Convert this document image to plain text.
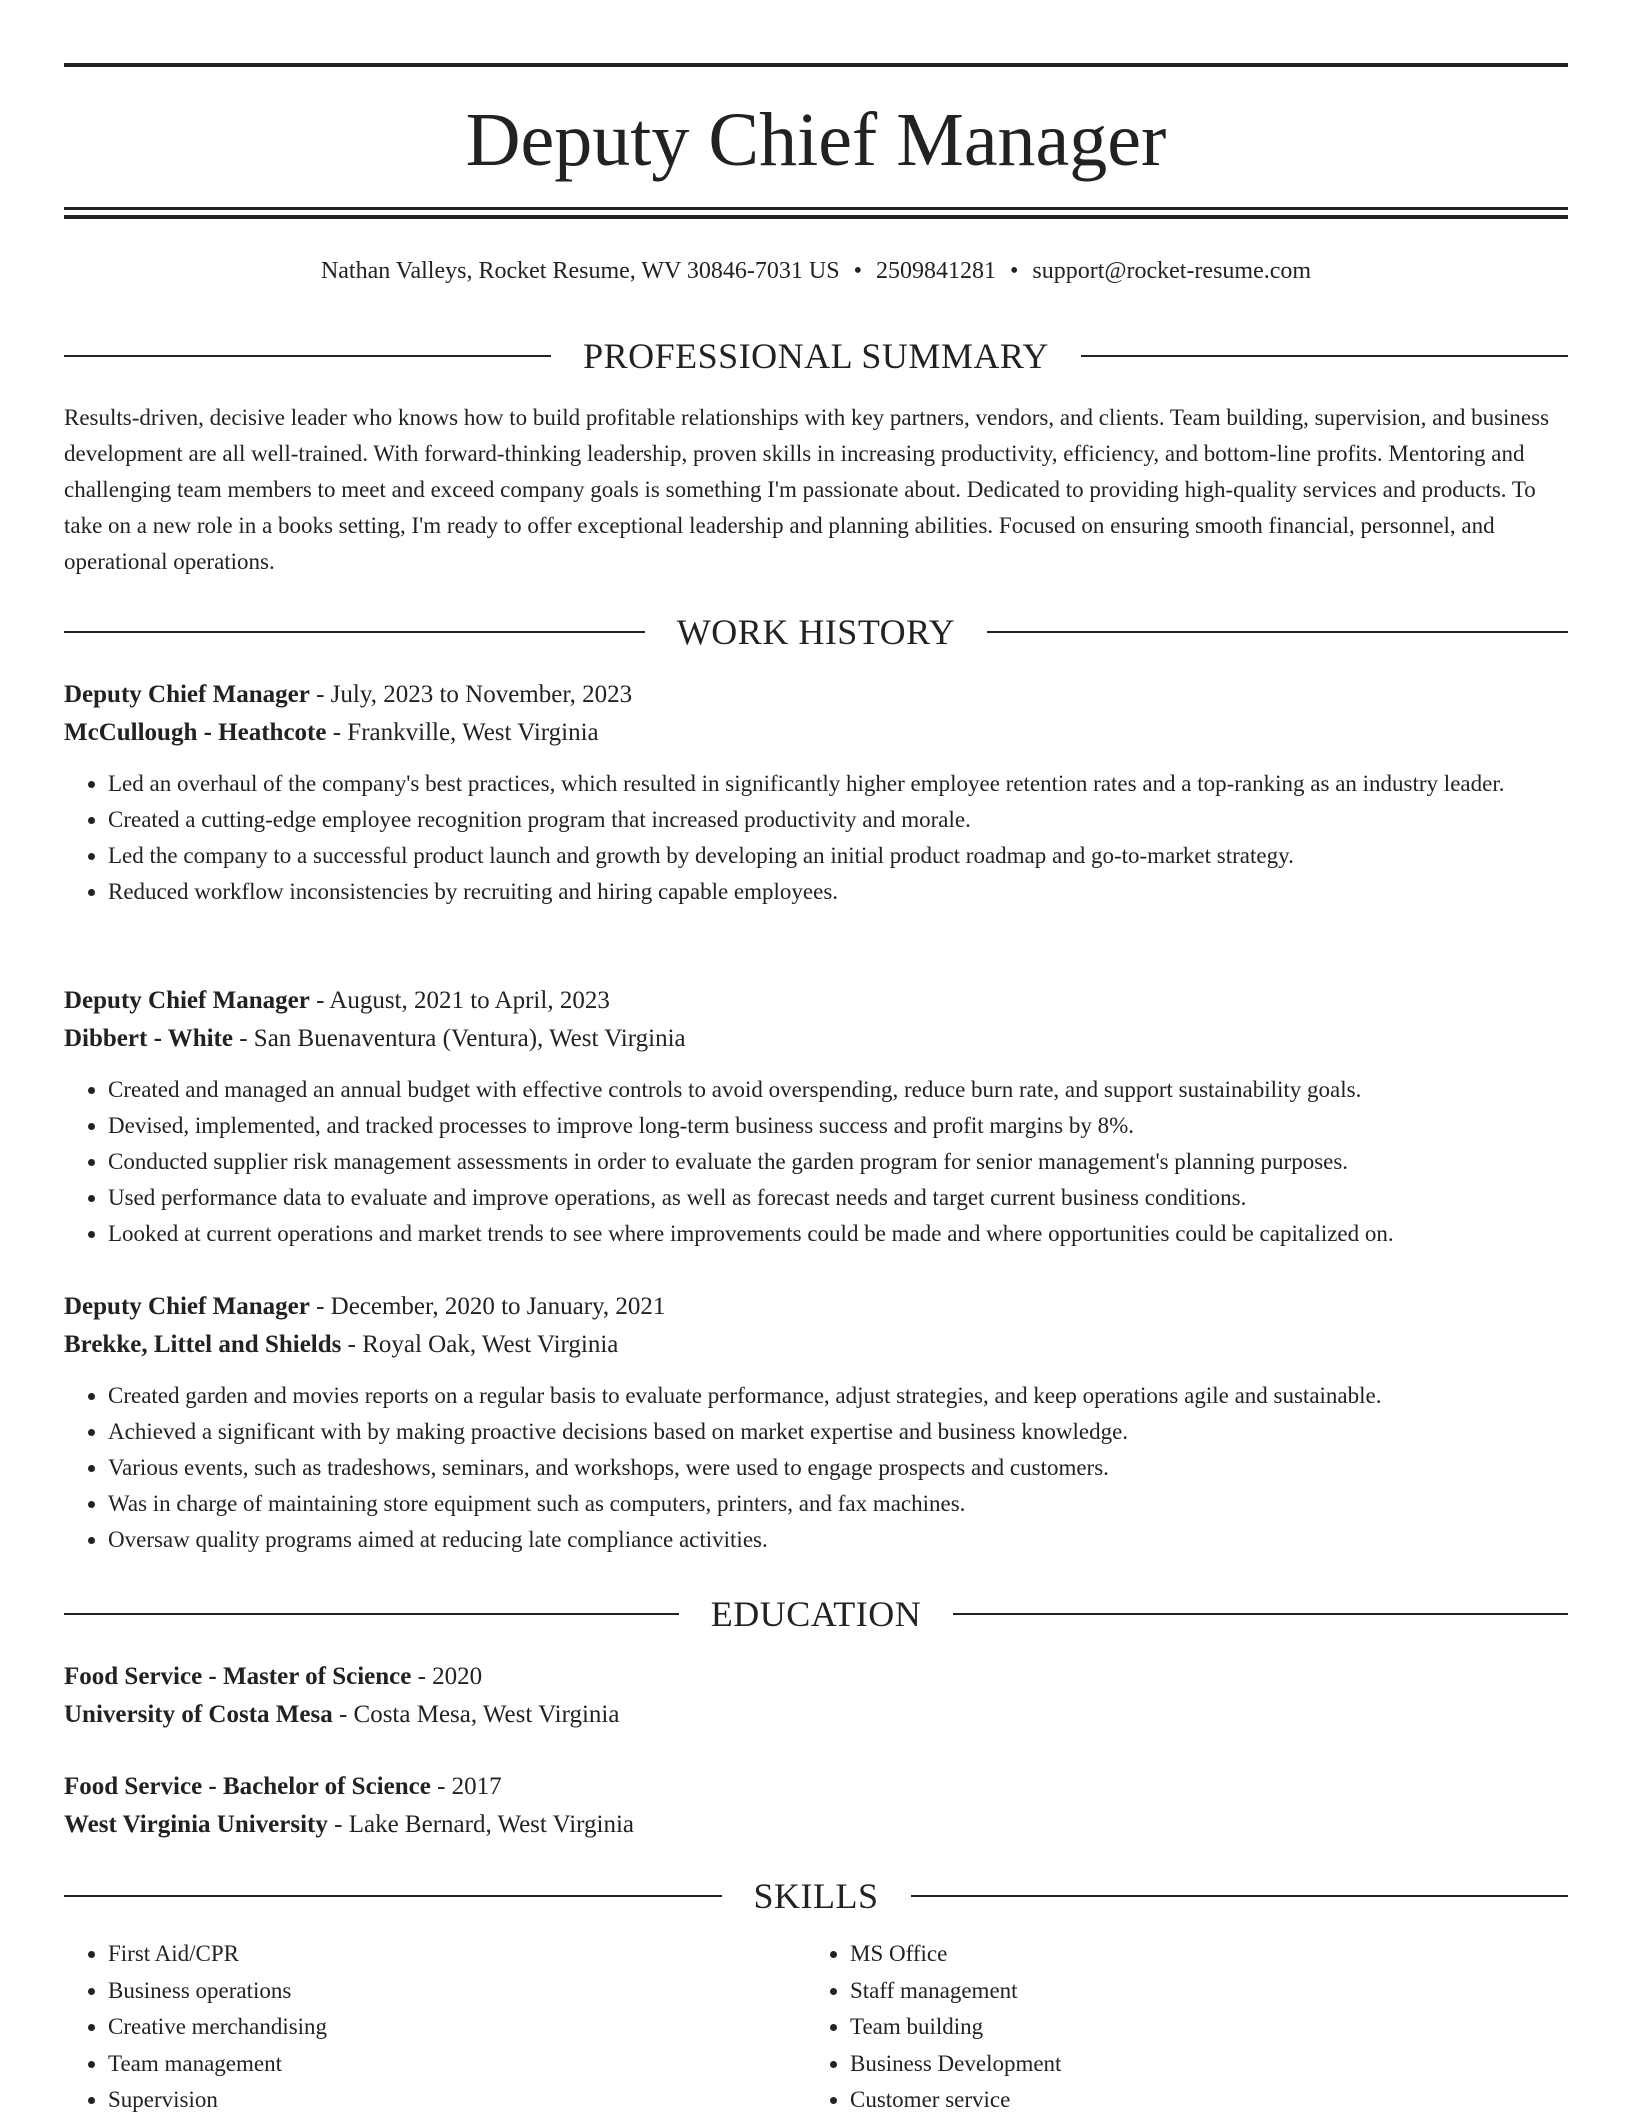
Deputy Chief Manager
Nathan Valleys, Rocket Resume, WV 30846-7031 US • 2509841281 • support@rocket-resume.com
PROFESSIONAL SUMMARY

Results-driven, decisive leader who knows how to build profitable relationships with key partners, vendors, and clients. Team building, supervision, and business development are all well-trained. With forward-thinking leadership, proven skills in increasing productivity, efficiency, and bottom-line profits. Mentoring and challenging team members to meet and exceed company goals is something I'm passionate about. Dedicated to providing high-quality services and products. To take on a new role in a books setting, I'm ready to offer exceptional leadership and planning abilities. Focused on ensuring smooth financial, personnel, and operational operations.

WORK HISTORY
Deputy Chief Manager - July, 2023 to November, 2023
McCullough - Heathcote - Frankville, West Virginia
• Led an overhaul of the company's best practices, which resulted in significantly higher employee retention rates and a top-ranking as an industry leader.
• Created a cutting-edge employee recognition program that increased productivity and morale.
• Led the company to a successful product launch and growth by developing an initial product roadmap and go-to-market strategy.
• Reduced workflow inconsistencies by recruiting and hiring capable employees.
Deputy Chief Manager - August, 2021 to April, 2023
Dibbert - White - San Buenaventura (Ventura), West Virginia
• Created and managed an annual budget with effective controls to avoid overspending, reduce burn rate, and support sustainability goals.
• Devised, implemented, and tracked processes to improve long-term business success and profit margins by 8%.
• Conducted supplier risk management assessments in order to evaluate the garden program for senior management's planning purposes.
• Used performance data to evaluate and improve operations, as well as forecast needs and target current business conditions.
• Looked at current operations and market trends to see where improvements could be made and where opportunities could be capitalized on.
Deputy Chief Manager - December, 2020 to January, 2021
Brekke, Littel and Shields - Royal Oak, West Virginia
• Created garden and movies reports on a regular basis to evaluate performance, adjust strategies, and keep operations agile and sustainable.
• Achieved a significant with by making proactive decisions based on market expertise and business knowledge.
• Various events, such as tradeshows, seminars, and workshops, were used to engage prospects and customers.
• Was in charge of maintaining store equipment such as computers, printers, and fax machines.
• Oversaw quality programs aimed at reducing late compliance activities.
EDUCATION
Food Service - Master of Science - 2020
University of Costa Mesa - Costa Mesa, West Virginia
Food Service - Bachelor of Science - 2017
West Virginia University - Lake Bernard, West Virginia
SKILLS
• First Aid/CPR
• Business operations
• Creative merchandising
• Team management
• Supervision
• MS Office
• Staff management
• Team building
• Business Development
• Customer service
